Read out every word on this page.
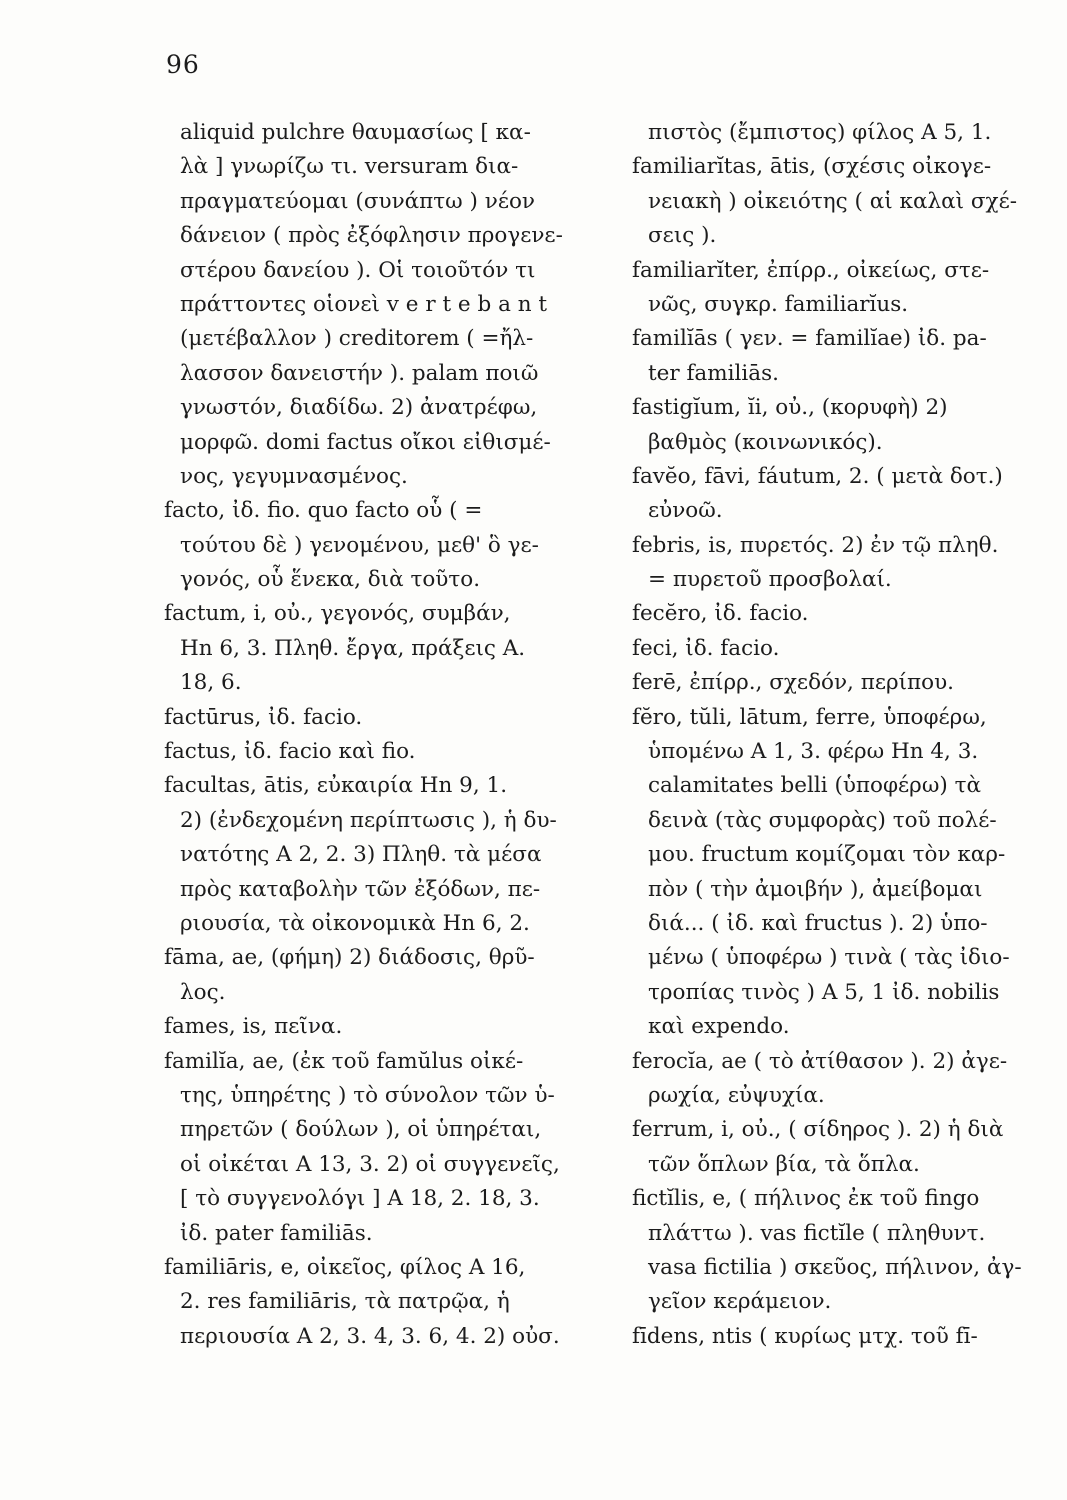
96
aliquid pulchre θαυμασίως [ κα-
λὰ ] γνωρίζω τι. versuram δια-
πραγματεύομαι (συνάπτω ) νέον
δάνειον ( πρὸς ἐξόφλησιν προγενε-
στέρου δανείου ). Οἱ τοιοῦτόν τι
πράττοντες οἱονεὶ v e r t e b a n t
(μετέβαλλον ) creditorem ( =ἤλ-
λασσον δανειστήν ). palam ποιῶ
γνωστόν, διαδίδω. 2) ἀνατρέφω,
μορφῶ. domi factus οἴκοι εἰθισμέ-
νος, γεγυμνασμένος.
facto, ἰδ. fio. quo facto οὗ ( =
τούτου δὲ ) γενομένου, μεθ' ὃ γε-
γονός, οὗ ἕνεκα, διὰ τοῦτο.
factum, i, οὐ., γεγονός, συμβάν,
Hn 6, 3. Πληθ. ἔργα, πράξεις A.
18, 6.
factūrus, ἰδ. facio.
factus, ἰδ. facio καὶ fio.
facultas, ātis, εὐκαιρία Hn 9, 1.
2) (ἐνδεχομένη περίπτωσις ), ἡ δυ-
νατότης A 2, 2. 3) Πληθ. τὰ μέσα
πρὸς καταβολὴν τῶν ἐξόδων, πε-
ριουσία, τὰ οἰκονομικὰ Hn 6, 2.
fāma, ae, (φήμη) 2) διάδοσις, θρῦ-
λος.
fames, is, πεῖνα.
familĭa, ae, (ἐκ τοῦ famŭlus οἰκέ-
της, ὑπηρέτης ) τὸ σύνολον τῶν ὑ-
πηρετῶν ( δούλων ), οἱ ὑπηρέται,
οἱ οἰκέται A 13, 3. 2) οἱ συγγενεῖς,
[ τὸ συγγενολόγι ] A 18, 2. 18, 3.
ἰδ. pater familiās.
familiāris, e, οἰκεῖος, φίλος A 16,
2. res familiāris, τὰ πατρῷα, ἡ
περιουσία A 2, 3. 4, 3. 6, 4. 2) οὐσ.
πιστὸς (ἔμπιστος) φίλος A 5, 1.
familiarĭtas, ātis, (σχέσις οἰκογε-
νειακὴ ) οἰκειότης ( αἱ καλαὶ σχέ-
σεις ).
familiarĭter, ἐπίρρ., οἰκείως, στε-
νῶς, συγκρ. familiarĭus.
familĭās ( γεν. = familĭae) ἰδ. pa-
ter familiās.
fastigĭum, ĭi, οὐ., (κορυφὴ) 2)
βαθμὸς (κοινωνικός).
favĕo, fāvi, fáutum, 2. ( μετὰ δοτ.)
εὐνοῶ.
febris, is, πυρετός. 2) ἐν τῷ πληθ.
= πυρετοῦ προσβολαί.
fecĕro, ἰδ. facio.
feci, ἰδ. facio.
ferē, ἐπίρρ., σχεδόν, περίπου.
fĕro, tŭli, lātum, ferre, ὑποφέρω,
ὑπομένω A 1, 3. φέρω Hn 4, 3.
calamitates belli (ὑποφέρω) τὰ
δεινὰ (τὰς συμφορὰς) τοῦ πολέ-
μου. fructum κομίζομαι τὸν καρ-
πὸν ( τὴν ἀμοιβήν ), ἀμείβομαι
διά... ( ἰδ. καὶ fructus ). 2) ὑπο-
μένω ( ὑποφέρω ) τινὰ ( τὰς ἰδιο-
τροπίας τινὸς ) A 5, 1 ἰδ. nobilis
καὶ expendo.
ferocĭa, ae ( τὸ ἀτίθασον ). 2) ἀγε-
ρωχία, εὐψυχία.
ferrum, i, οὐ., ( σίδηρος ). 2) ἡ διὰ
τῶν ὅπλων βία, τὰ ὅπλα.
fictĭlis, e, ( πήλινος ἐκ τοῦ fingo
πλάττω ). vas fictĭle ( πληθυντ.
vasa fictilia ) σκεῦος, πήλινον, ἀγ-
γεῖον κεράμειον.
fīdens, ntis ( κυρίως μτχ. τοῦ fī-
